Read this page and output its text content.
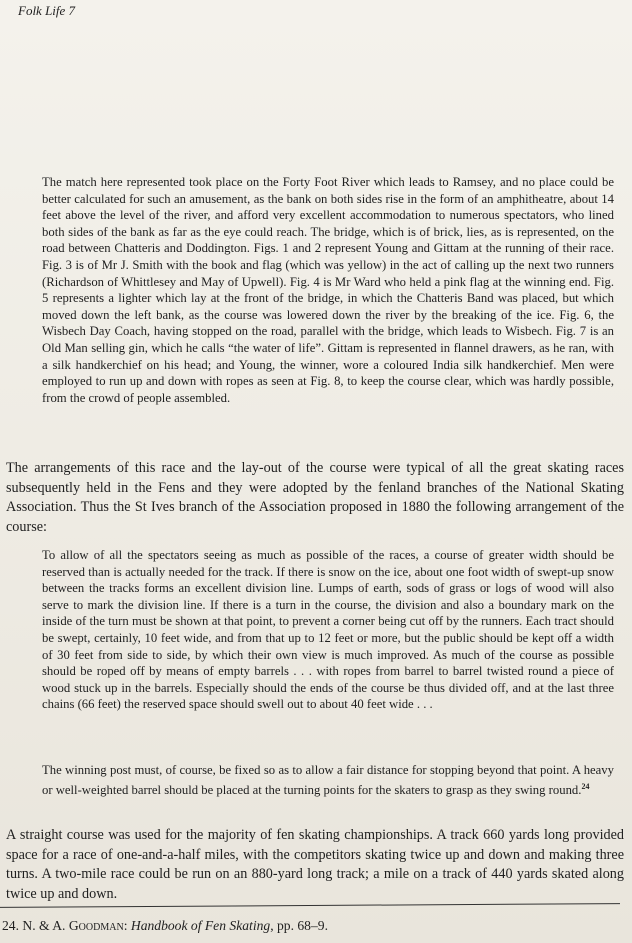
Folk Life 7

The match here represented took place on the Forty Foot River which leads to Ramsey, and no place could be better calculated for such an amusement, as the bank on both sides rise in the form of an amphitheatre, about 14 feet above the level of the river, and afford very excellent accommodation to numerous spectators, who lined both sides of the bank as far as the eye could reach. The bridge, which is of brick, lies, as is represented, on the road between Chatteris and Doddington. Figs. 1 and 2 represent Young and Gittam at the running of their race. Fig. 3 is of Mr J. Smith with the book and flag (which was yellow) in the act of calling up the next two runners (Richardson of Whittlesey and May of Upwell). Fig. 4 is Mr Ward who held a pink flag at the winning end. Fig. 5 represents a lighter which lay at the front of the bridge, in which the Chatteris Band was placed, but which moved down the left bank, as the course was lowered down the river by the breaking of the ice. Fig. 6, the Wisbech Day Coach, having stopped on the road, parallel with the bridge, which leads to Wisbech. Fig. 7 is an Old Man selling gin, which he calls “the water of life”. Gittam is represented in flannel drawers, as he ran, with a silk handkerchief on his head; and Young, the winner, wore a coloured India silk handkerchief. Men were employed to run up and down with ropes as seen at Fig. 8, to keep the course clear, which was hardly possible, from the crowd of people assembled.

The arrangements of this race and the lay-out of the course were typical of all the great skating races subsequently held in the Fens and they were adopted by the fenland branches of the National Skating Association. Thus the St Ives branch of the Association proposed in 1880 the following arrangement of the course:

To allow of all the spectators seeing as much as possible of the races, a course of greater width should be reserved than is actually needed for the track. If there is snow on the ice, about one foot width of swept-up snow between the tracks forms an excellent division line. Lumps of earth, sods of grass or logs of wood will also serve to mark the division line. If there is a turn in the course, the division and also a boundary mark on the inside of the turn must be shown at that point, to prevent a corner being cut off by the runners. Each tract should be swept, certainly, 10 feet wide, and from that up to 12 feet or more, but the public should be kept off a width of 30 feet from side to side, by which their own view is much improved. As much of the course as possible should be roped off by means of empty barrels . . . with ropes from barrel to barrel twisted round a piece of wood stuck up in the barrels. Especially should the ends of the course be thus divided off, and at the last three chains (66 feet) the reserved space should swell out to about 40 feet wide . . .

The winning post must, of course, be fixed so as to allow a fair distance for stopping beyond that point. A heavy or well-weighted barrel should be placed at the turning points for the skaters to grasp as they swing round.$^{24}$

A straight course was used for the majority of fen skating championships. A track 660 yards long provided space for a race of one-and-a-half miles, with the competitors skating twice up and down and making three turns. A two-mile race could be run on an 880-yard long track; a mile on a track of 440 yards skated along twice up and down.

24. N. & A. Goodman: Handbook of Fen Skating, pp. 68–9.
